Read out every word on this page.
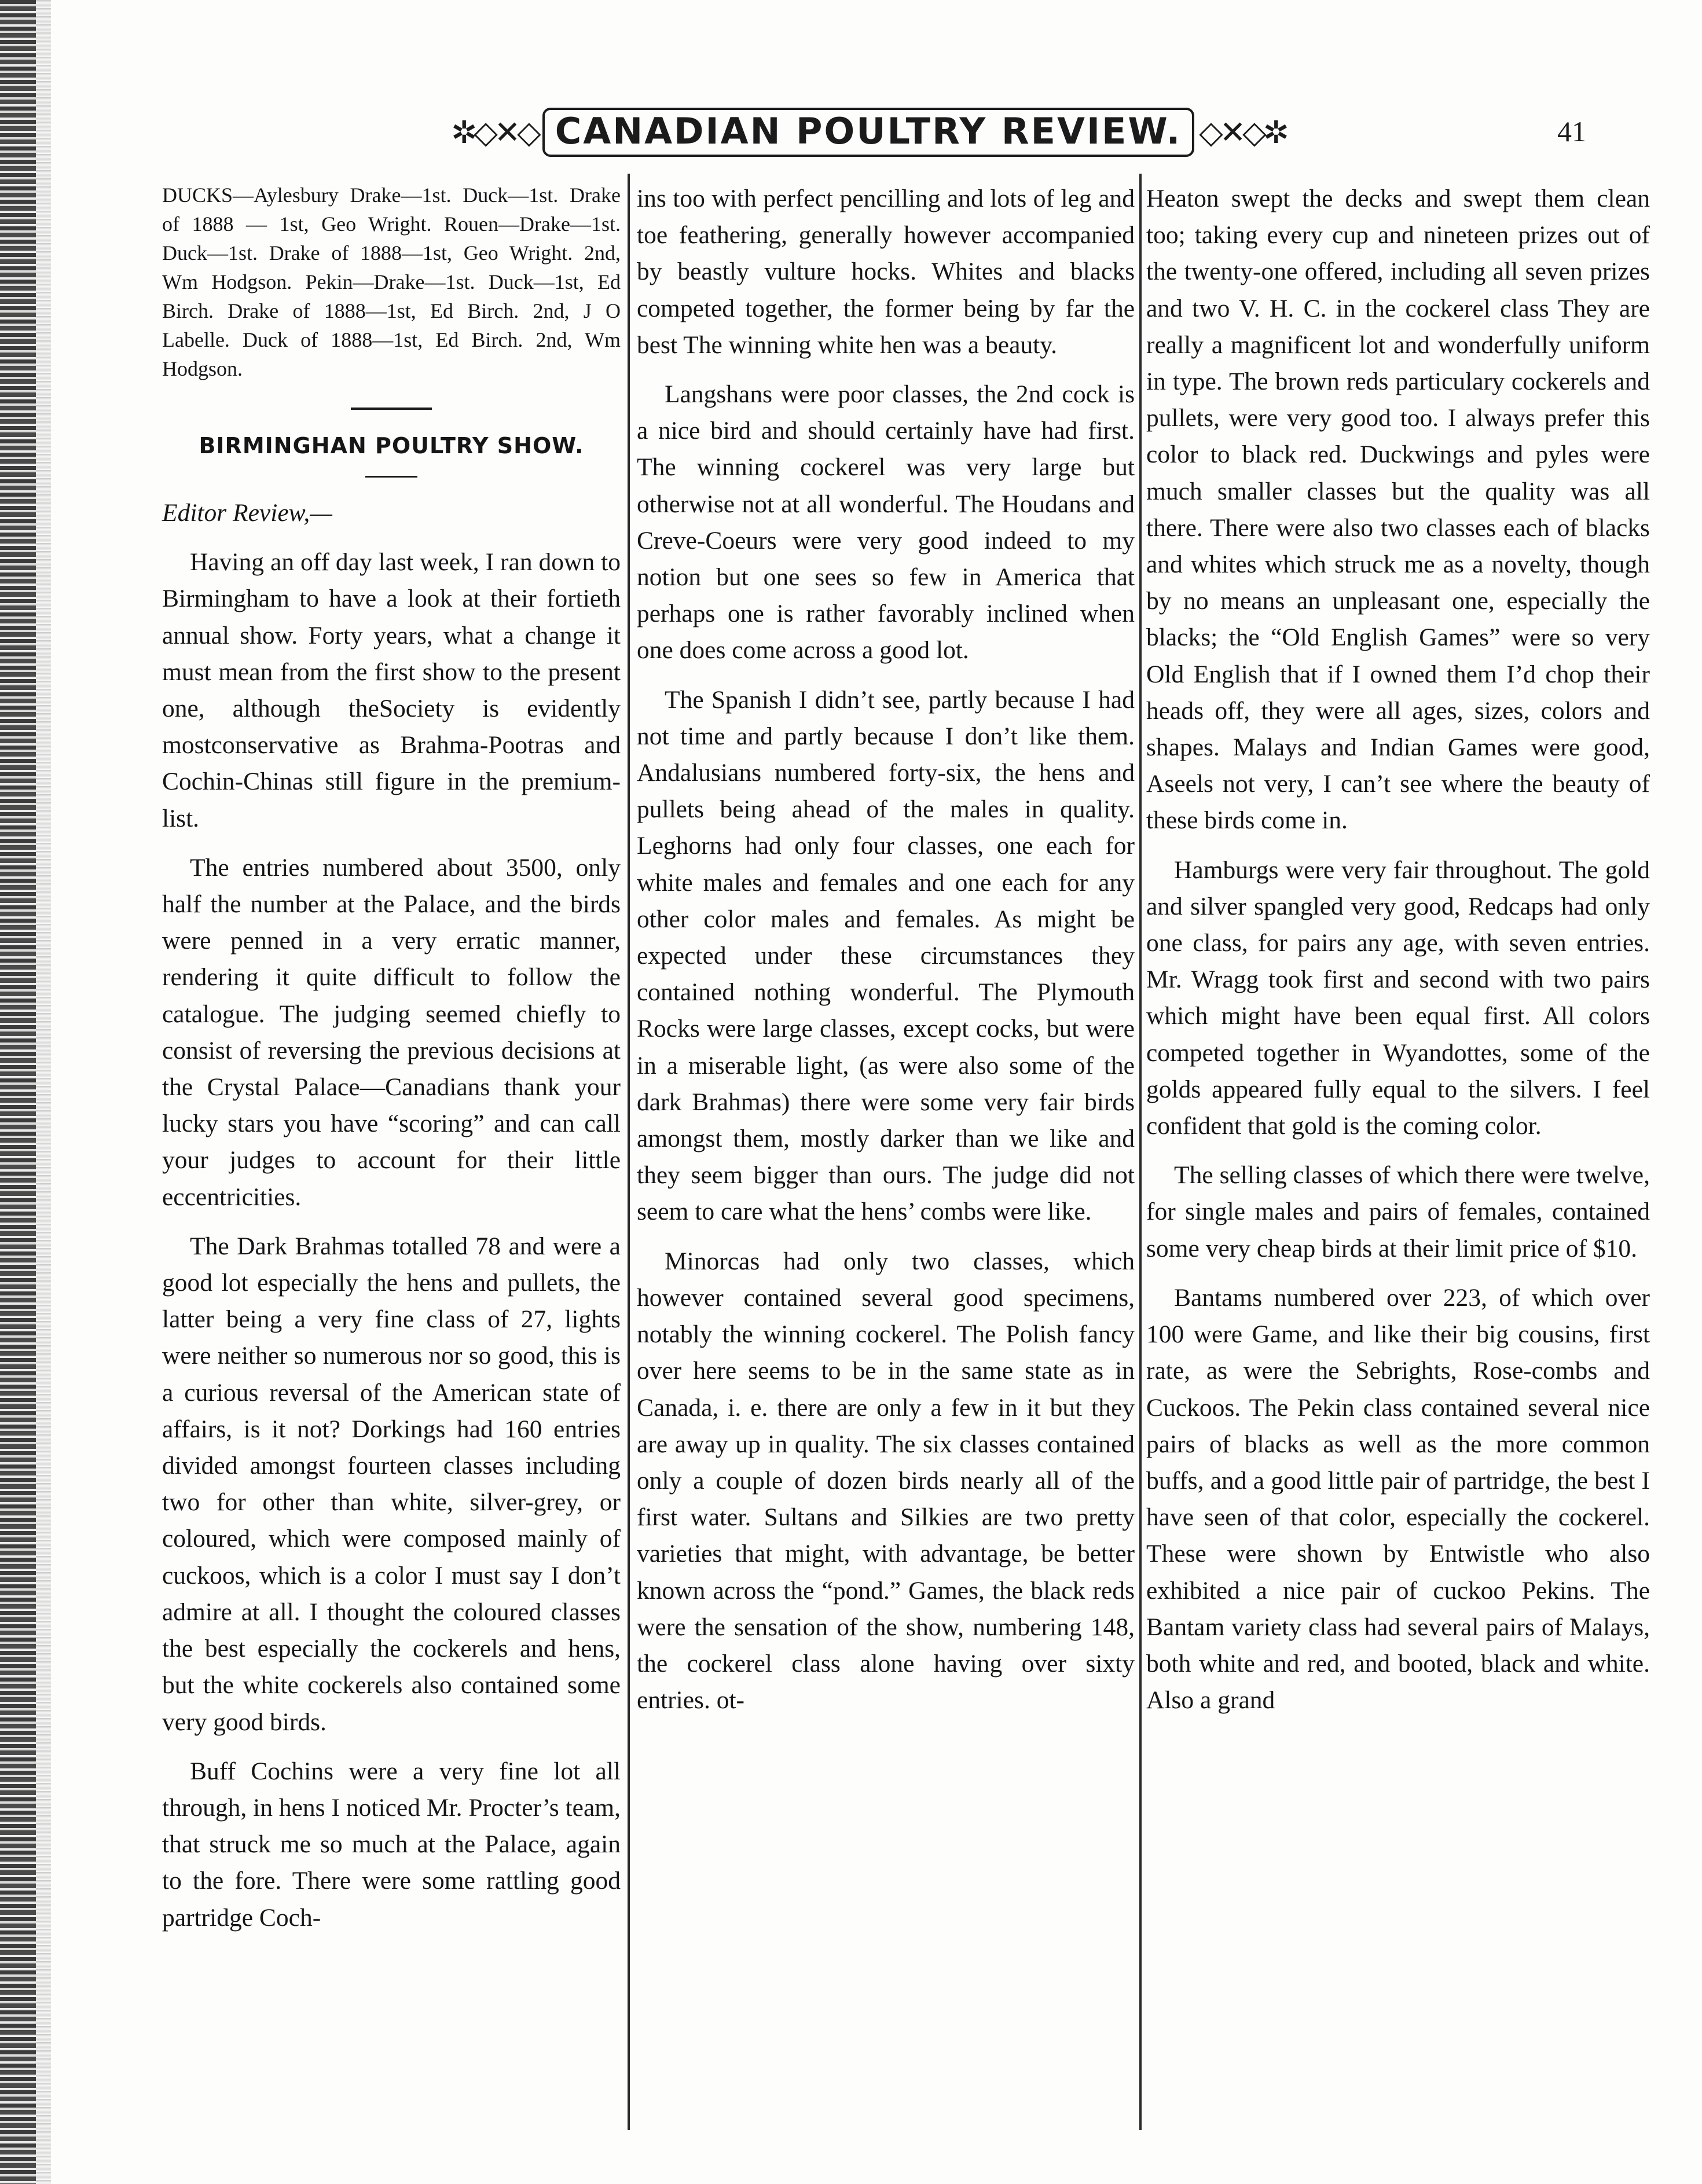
✲◇✕◇ CANADIAN POULTRY REVIEW. ◇✕◇✲	41

DUCKS—Aylesbury Drake—1st. Duck—1st. Drake of 1888 — 1st, Geo Wright. Rouen—Drake—1st. Duck—1st. Drake of 1888—1st, Geo Wright. 2nd, Wm Hodgson. Pekin—Drake—1st. Duck—1st, Ed Birch. Drake of 1888—1st, Ed Birch. 2nd, J O Labelle. Duck of 1888—1st, Ed Birch. 2nd, Wm Hodgson.

BIRMINGHAN POULTRY SHOW.

Editor Review,—

Having an off day last week, I ran down to Birmingham to have a look at their fortieth annual show. Forty years, what a change it must mean from the first show to the present one, although theSociety is evidently mostconservative as Brahma-Pootras and Cochin-Chinas still figure in the premium-list.

The entries numbered about 3500, only half the number at the Palace, and the birds were penned in a very erratic manner, rendering it quite difficult to follow the catalogue. The judging seemed chiefly to consist of reversing the previous decisions at the Crystal Palace—Canadians thank your lucky stars you have “scoring” and can call your judges to account for their little eccentricities.

The Dark Brahmas totalled 78 and were a good lot especially the hens and pullets, the latter being a very fine class of 27, lights were neither so numerous nor so good, this is a curious reversal of the American state of affairs, is it not? Dorkings had 160 entries divided amongst fourteen classes including two for other than white, silver-grey, or coloured, which were composed mainly of cuckoos, which is a color I must say I don’t admire at all. I thought the coloured classes the best especially the cockerels and hens, but the white cockerels also contained some very good birds.

Buff Cochins were a very fine lot all through, in hens I noticed Mr. Procter’s team, that struck me so much at the Palace, again to the fore. There were some rattling good partridge Coch-

ins too with perfect pencilling and lots of leg and toe feathering, generally however accompanied by beastly vulture hocks. Whites and blacks competed together, the former being by far the best The winning white hen was a beauty.

Langshans were poor classes, the 2nd cock is a nice bird and should certainly have had first. The winning cockerel was very large but otherwise not at all wonderful. The Houdans and Creve-Coeurs were very good indeed to my notion but one sees so few in America that perhaps one is rather favorably inclined when one does come across a good lot.

The Spanish I didn’t see, partly because I had not time and partly because I don’t like them. Andalusians numbered forty-six, the hens and pullets being ahead of the males in quality. Leghorns had only four classes, one each for white males and females and one each for any other color males and females. As might be expected under these circumstances they contained nothing wonderful. The Plymouth Rocks were large classes, except cocks, but were in a miserable light, (as were also some of the dark Brahmas) there were some very fair birds amongst them, mostly darker than we like and they seem bigger than ours. The judge did not seem to care what the hens’ combs were like.

Minorcas had only two classes, which however contained several good specimens, notably the winning cockerel. The Polish fancy over here seems to be in the same state as in Canada, i. e. there are only a few in it but they are away up in quality. The six classes contained only a couple of dozen birds nearly all of the first water. Sultans and Silkies are two pretty varieties that might, with advantage, be better known across the “pond.” Games, the black reds were the sensation of the show, numbering 148, the cockerel class alone having over sixty entries. ot-

Heaton swept the decks and swept them clean too; taking every cup and nineteen prizes out of the twenty-one offered, including all seven prizes and two V. H. C. in the cockerel class They are really a magnificent lot and wonderfully uniform in type. The brown reds particulary cockerels and pullets, were very good too. I always prefer this color to black red. Duckwings and pyles were much smaller classes but the quality was all there. There were also two classes each of blacks and whites which struck me as a novelty, though by no means an unpleasant one, especially the blacks; the “Old English Games” were so very Old English that if I owned them I’d chop their heads off, they were all ages, sizes, colors and shapes. Malays and Indian Games were good, Aseels not very, I can’t see where the beauty of these birds come in.

Hamburgs were very fair throughout. The gold and silver spangled very good, Redcaps had only one class, for pairs any age, with seven entries. Mr. Wragg took first and second with two pairs which might have been equal first. All colors competed together in Wyandottes, some of the golds appeared fully equal to the silvers. I feel confident that gold is the coming color.

The selling classes of which there were twelve, for single males and pairs of females, contained some very cheap birds at their limit price of $10.

Bantams numbered over 223, of which over 100 were Game, and like their big cousins, first rate, as were the Sebrights, Rose-combs and Cuckoos. The Pekin class contained several nice pairs of blacks as well as the more common buffs, and a good little pair of partridge, the best I have seen of that color, especially the cockerel. These were shown by Entwistle who also exhibited a nice pair of cuckoo Pekins. The Bantam variety class had several pairs of Malays, both white and red, and booted, black and white. Also a grand
